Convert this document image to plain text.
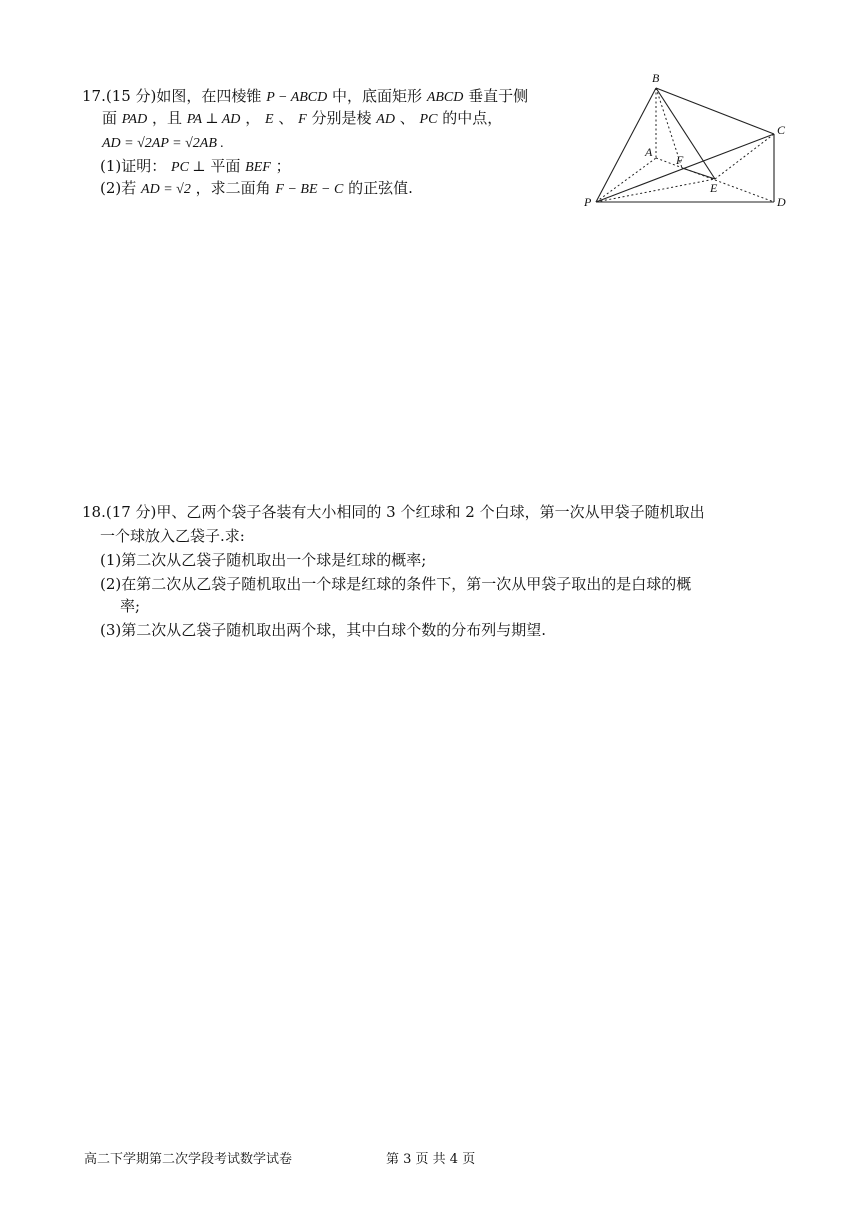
17.(15 分)如图，在四棱锥 P − ABCD 中，底面矩形 ABCD 垂直于侧
面 PAD ，且 PA ⊥ AD ， E 、 F 分别是棱 AD 、 PC 的中点，
AD = √2AP = √2AB .
(1)证明： PC ⊥ 平面 BEF ；
(2)若 AD = √2 ，求二面角 F − BE − C 的正弦值.
B
C
A
F
E
P	D
18.(17 分)甲、乙两个袋子各装有大小相同的 3 个红球和 2 个白球，第一次从甲袋子随机取出
一个球放入乙袋子.求:
(1)第二次从乙袋子随机取出一个球是红球的概率;
(2)在第二次从乙袋子随机取出一个球是红球的条件下，第一次从甲袋子取出的是白球的概
率;
(3)第二次从乙袋子随机取出两个球，其中白球个数的分布列与期望.
高二下学期第二次学段考试数学试卷	第 3 页 共 4 页
